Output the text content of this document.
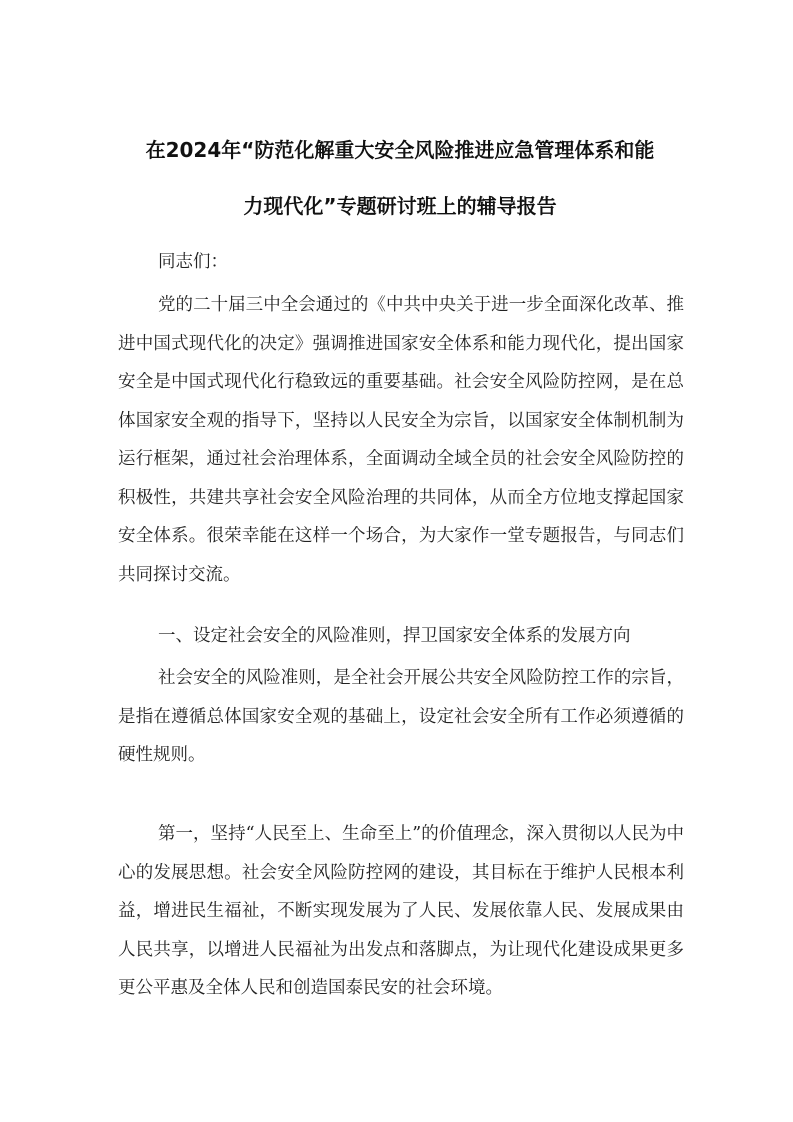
在2024年“防范化解重大安全风险推进应急管理体系和能
力现代化”专题研讨班上的辅导报告
同志们：

党的二十届三中全会通过的《中共中央关于进一步全面深化改革、推进中国式现代化的决定》强调推进国家安全体系和能力现代化，提出国家安全是中国式现代化行稳致远的重要基础。社会安全风险防控网，是在总体国家安全观的指导下，坚持以人民安全为宗旨，以国家安全体制机制为运行框架，通过社会治理体系，全面调动全域全员的社会安全风险防控的积极性，共建共享社会安全风险治理的共同体，从而全方位地支撑起国家安全体系。很荣幸能在这样一个场合，为大家作一堂专题报告，与同志们共同探讨交流。

一、设定社会安全的风险准则，捍卫国家安全体系的发展方向

社会安全的风险准则，是全社会开展公共安全风险防控工作的宗旨，是指在遵循总体国家安全观的基础上，设定社会安全所有工作必须遵循的硬性规则。

第一，坚持“人民至上、生命至上”的价值理念，深入贯彻以人民为中心的发展思想。社会安全风险防控网的建设，其目标在于维护人民根本利益，增进民生福祉，不断实现发展为了人民、发展依靠人民、发展成果由人民共享，以增进人民福祉为出发点和落脚点，为让现代化建设成果更多更公平惠及全体人民和创造国泰民安的社会环境。
